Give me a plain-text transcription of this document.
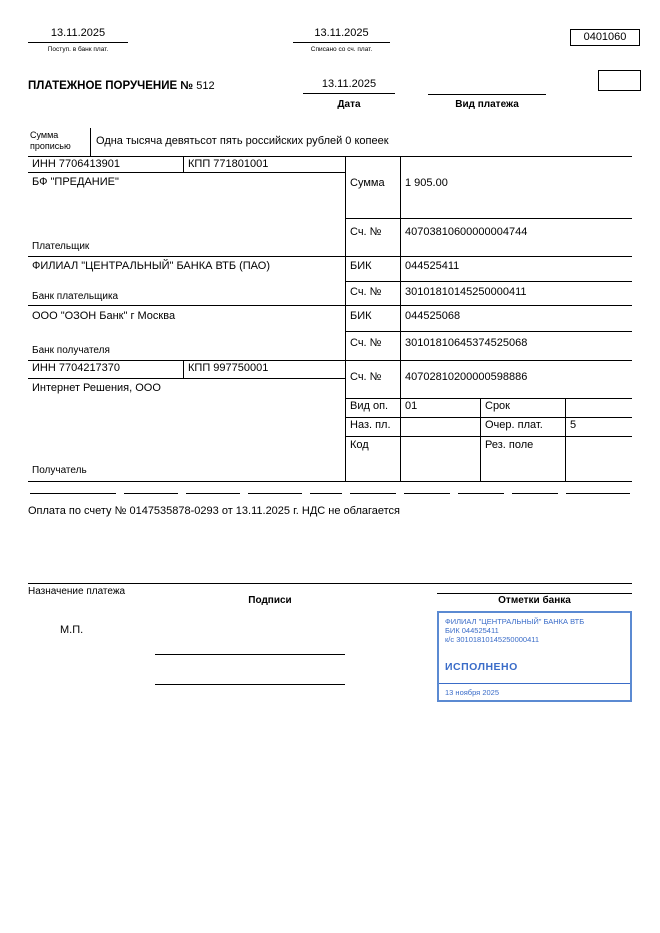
13.11.2025
Поступ. в банк плат.
13.11.2025
Списано со сч. плат.
0401060
ПЛАТЕЖНОЕ ПОРУЧЕНИЕ № 512	13.11.2025
Дата	Вид платежа
Сумма прописью	Одна тысяча девятьсот пять российских рублей 0 копеек
ИНН 7706413901	КПП 771801001
БФ "ПРЕДАНИЕ"
Плательщик
Сумма 1 905.00
Сч. № 40703810600000004744
ФИЛИАЛ "ЦЕНТРАЛЬНЫЙ" БАНКА ВТБ (ПАО)
Банк плательщика
БИК	044525411
Сч. № 30101810145250000411
ООО "ОЗОН Банк" г Москва
Банк получателя
БИК	044525068
Сч. № 30101810645374525068
ИНН 7704217370	КПП 997750001
Интернет Решения, ООО
Получатель
Сч. № 40702810200000598886
Вид оп. 01	Срок
Наз. пл.	Очер. плат. 5
Код	Рез. поле
Оплата по счету № 0147535878-0293 от 13.11.2025 г. НДС не облагается
Назначение платежа
Подписи	Отметки банка
М.П.
ФИЛИАЛ "ЦЕНТРАЛЬНЫЙ" БАНКА ВТБ
БИК 044525411
к/с 30101810145250000411
ИСПОЛНЕНО
13 ноября 2025
